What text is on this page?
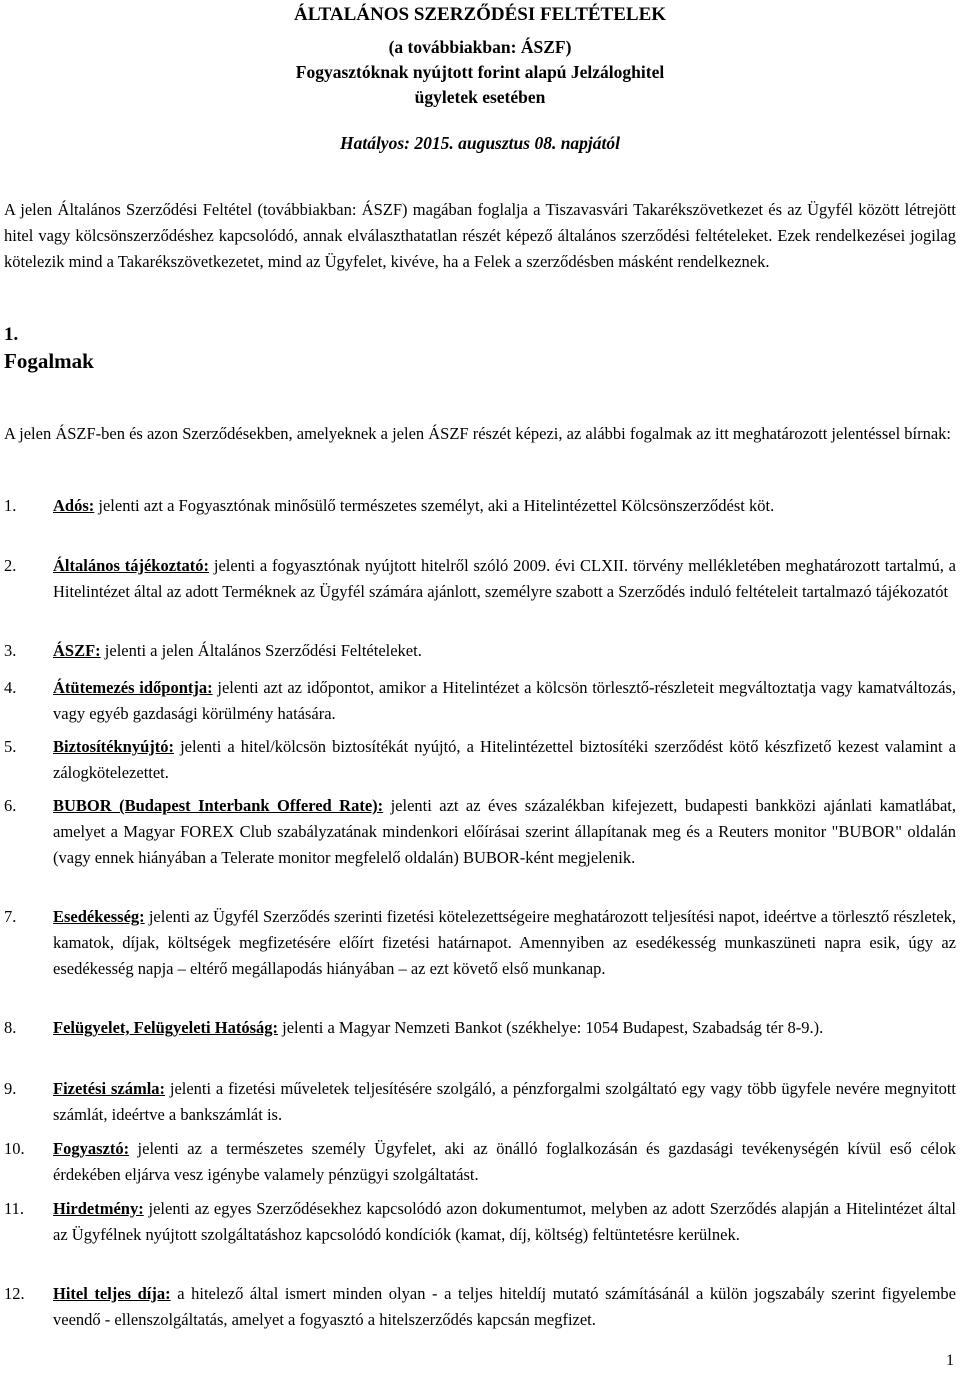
ÁLTALÁNOS SZERZŐDÉSI FELTÉTELEK
(a továbbiakban: ÁSZF)
Fogyasztóknak nyújtott forint alapú Jelzáloghitel
ügyletek esetében
Hatályos: 2015. augusztus 08. napjától
A jelen Általános Szerződési Feltétel (továbbiakban: ÁSZF) magában foglalja a Tiszavasvári Takarékszövetkezet és az Ügyfél között létrejött hitel vagy kölcsönszerződéshez kapcsolódó, annak elválaszthatatlan részét képező általános szerződési feltételeket. Ezek rendelkezései jogilag kötelezik mind a Takarékszövetkezetet, mind az Ügyfelet, kivéve, ha a Felek a szerződésben másként rendelkeznek.
1.
Fogalmak
A jelen ÁSZF-ben és azon Szerződésekben, amelyeknek a jelen ÁSZF részét képezi, az alábbi fogalmak az itt meghatározott jelentéssel bírnak:
1. Adós: jelenti azt a Fogyasztónak minősülő természetes személyt, aki a Hitelintézettel Kölcsönszerződést köt.
2. Általános tájékoztató: jelenti a fogyasztónak nyújtott hitelről szóló 2009. évi CLXII. törvény mellékletében meghatározott tartalmú, a Hitelintézet által az adott Terméknek az Ügyfél számára ajánlott, személyre szabott a Szerződés induló feltételeit tartalmazó tájékozatót
3. ÁSZF: jelenti a jelen Általános Szerződési Feltételeket.
4. Átütemezés időpontja: jelenti azt az időpontot, amikor a Hitelintézet a kölcsön törlesztő-részleteit megváltoztatja vagy kamatváltozás, vagy egyéb gazdasági körülmény hatására.
5. Biztosítéknyújtó: jelenti a hitel/kölcsön biztosítékát nyújtó, a Hitelintézettel biztosítéki szerződést kötő készfizető kezest valamint a zálogkötelezettet.
6. BUBOR (Budapest Interbank Offered Rate): jelenti azt az éves százalékban kifejezett, budapesti bankközi ajánlati kamatlábat, amelyet a Magyar FOREX Club szabályzatának mindenkori előírásai szerint állapítanak meg és a Reuters monitor "BUBOR" oldalán (vagy ennek hiányában a Telerate monitor megfelelő oldalán) BUBOR-ként megjelenik.
7. Esedékesség: jelenti az Ügyfél Szerződés szerinti fizetési kötelezettségeire meghatározott teljesítési napot, ideértve a törlesztő részletek, kamatok, díjak, költségek megfizetésére előírt fizetési határnapot. Amennyiben az esedékesség munkaszüneti napra esik, úgy az esedékesség napja – eltérő megállapodás hiányában – az ezt követő első munkanap.
8. Felügyelet, Felügyeleti Hatóság: jelenti a Magyar Nemzeti Bankot (székhelye: 1054 Budapest, Szabadság tér 8-9.).
9. Fizetési számla: jelenti a fizetési műveletek teljesítésére szolgáló, a pénzforgalmi szolgáltató egy vagy több ügyfele nevére megnyitott számlát, ideértve a bankszámlát is.
10. Fogyasztó: jelenti az a természetes személy Ügyfelet, aki az önálló foglalkozásán és gazdasági tevékenységén kívül eső célok érdekében eljárva vesz igénybe valamely pénzügyi szolgáltatást.
11. Hirdetmény: jelenti az egyes Szerződésekhez kapcsolódó azon dokumentumot, melyben az adott Szerződés alapján a Hitelintézet által az Ügyfélnek nyújtott szolgáltatáshoz kapcsolódó kondíciók (kamat, díj, költség) feltüntetésre kerülnek.
12. Hitel teljes díja: a hitelező által ismert minden olyan - a teljes hiteldíj mutató számításánál a külön jogszabály szerint figyelembe veendő - ellenszolgáltatás, amelyet a fogyasztó a hitelszerződés kapcsán megfizet.
1
